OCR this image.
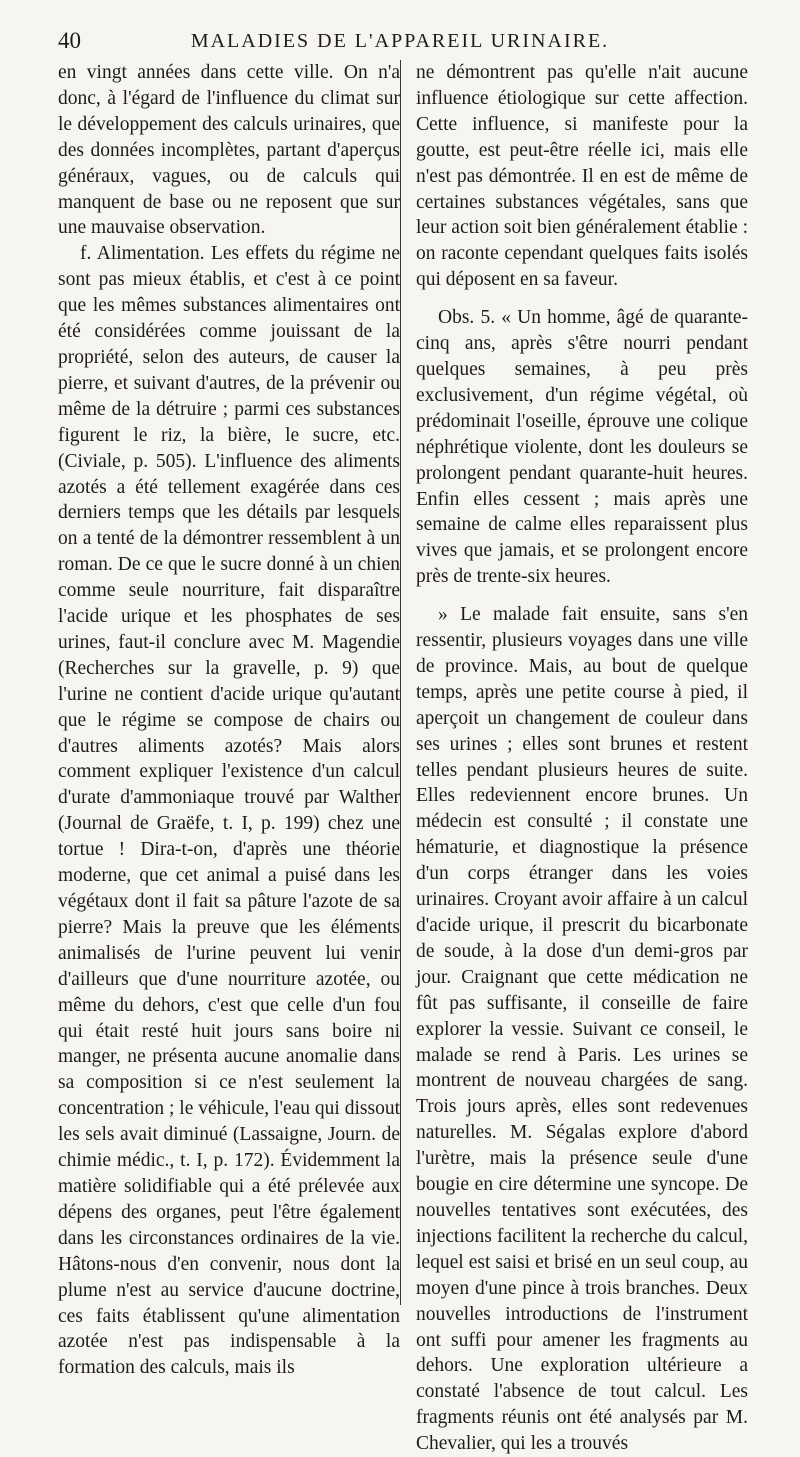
40	MALADIES DE L'APPAREIL URINAIRE.

en vingt années dans cette ville. On n'a donc, à l'égard de l'influence du climat sur le développement des calculs urinaires, que des données incomplètes, partant d'aperçus généraux, vagues, ou de calculs qui manquent de base ou ne reposent que sur une mauvaise observation.

f. Alimentation. Les effets du régime ne sont pas mieux établis, et c'est à ce point que les mêmes substances alimentaires ont été considérées comme jouissant de la propriété, selon des auteurs, de causer la pierre, et suivant d'autres, de la prévenir ou même de la détruire ; parmi ces substances figurent le riz, la bière, le sucre, etc. (Civiale, p. 505). L'influence des aliments azotés a été tellement exagérée dans ces derniers temps que les détails par lesquels on a tenté de la démontrer ressemblent à un roman. De ce que le sucre donné à un chien comme seule nourriture, fait disparaître l'acide urique et les phosphates de ses urines, faut-il conclure avec M. Magendie (Recherches sur la gravelle, p. 9) que l'urine ne contient d'acide urique qu'autant que le régime se compose de chairs ou d'autres aliments azotés? Mais alors comment expliquer l'existence d'un calcul d'urate d'ammoniaque trouvé par Walther (Journal de Graëfe, t. I, p. 199) chez une tortue ! Dira-t-on, d'après une théorie moderne, que cet animal a puisé dans les végétaux dont il fait sa pâture l'azote de sa pierre? Mais la preuve que les éléments animalisés de l'urine peuvent lui venir d'ailleurs que d'une nourriture azotée, ou même du dehors, c'est que celle d'un fou qui était resté huit jours sans boire ni manger, ne présenta aucune anomalie dans sa composition si ce n'est seulement la concentration ; le véhicule, l'eau qui dissout les sels avait diminué (Lassaigne, Journ. de chimie médic., t. I, p. 172). Évidemment la matière solidifiable qui a été prélevée aux dépens des organes, peut l'être également dans les circonstances ordinaires de la vie. Hâtons-nous d'en convenir, nous dont la plume n'est au service d'aucune doctrine, ces faits établissent qu'une alimentation azotée n'est pas indispensable à la formation des calculs, mais ils

ne démontrent pas qu'elle n'ait aucune influence étiologique sur cette affection. Cette influence, si manifeste pour la goutte, est peut-être réelle ici, mais elle n'est pas démontrée. Il en est de même de certaines substances végétales, sans que leur action soit bien généralement établie : on raconte cependant quelques faits isolés qui déposent en sa faveur.

Obs. 5. « Un homme, âgé de quarante-cinq ans, après s'être nourri pendant quelques semaines, à peu près exclusivement, d'un régime végétal, où prédominait l'oseille, éprouve une colique néphrétique violente, dont les douleurs se prolongent pendant quarante-huit heures. Enfin elles cessent ; mais après une semaine de calme elles reparaissent plus vives que jamais, et se prolongent encore près de trente-six heures.

» Le malade fait ensuite, sans s'en ressentir, plusieurs voyages dans une ville de province. Mais, au bout de quelque temps, après une petite course à pied, il aperçoit un changement de couleur dans ses urines ; elles sont brunes et restent telles pendant plusieurs heures de suite. Elles redeviennent encore brunes. Un médecin est consulté ; il constate une hématurie, et diagnostique la présence d'un corps étranger dans les voies urinaires. Croyant avoir affaire à un calcul d'acide urique, il prescrit du bicarbonate de soude, à la dose d'un demi-gros par jour. Craignant que cette médication ne fût pas suffisante, il conseille de faire explorer la vessie. Suivant ce conseil, le malade se rend à Paris. Les urines se montrent de nouveau chargées de sang. Trois jours après, elles sont redevenues naturelles. M. Ségalas explore d'abord l'urètre, mais la présence seule d'une bougie en cire détermine une syncope. De nouvelles tentatives sont exécutées, des injections facilitent la recherche du calcul, lequel est saisi et brisé en un seul coup, au moyen d'une pince à trois branches. Deux nouvelles introductions de l'instrument ont suffi pour amener les fragments au dehors. Une exploration ultérieure a constaté l'absence de tout calcul. Les fragments réunis ont été analysés par M. Chevalier, qui les a trouvés
